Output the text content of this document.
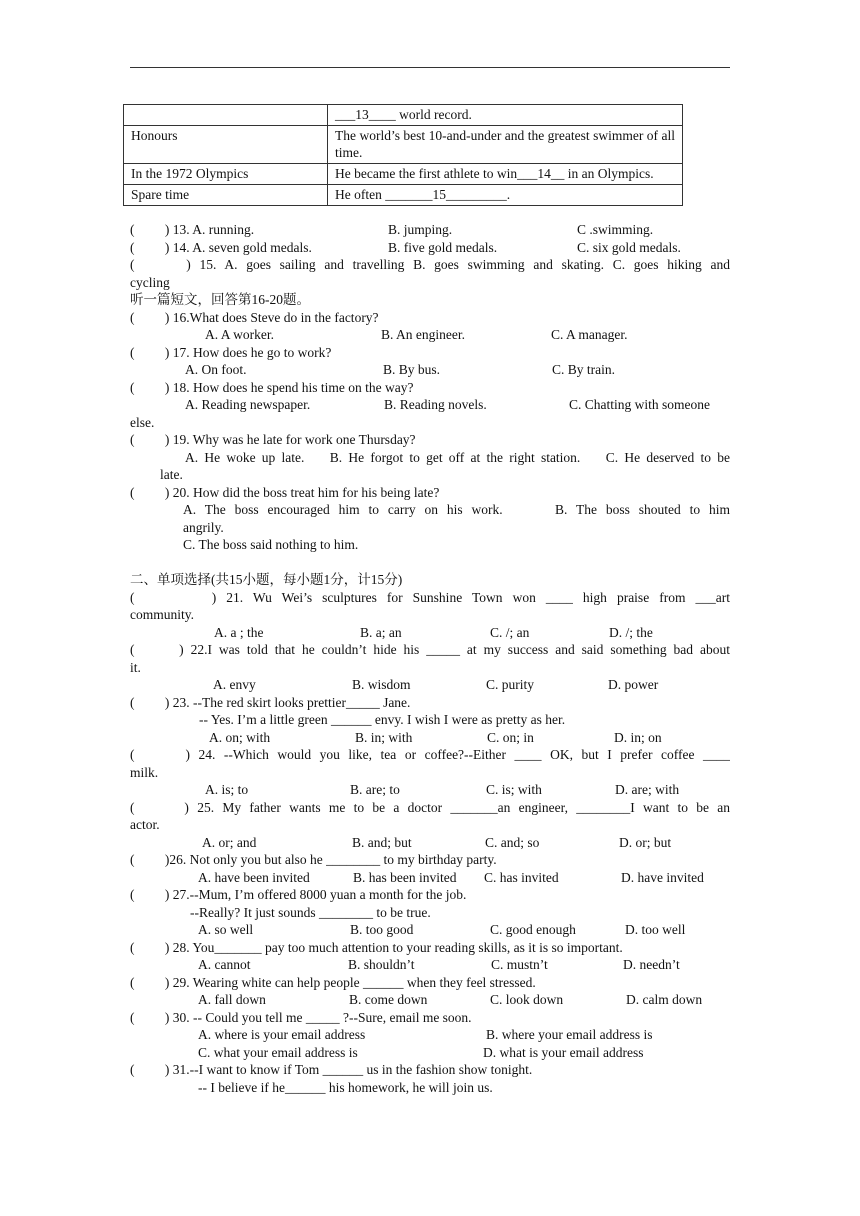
	___13____ world record.
Honours	The world’s best 10-and-under and the greatest swimmer of all time.
In the 1972 Olympics	He became the first athlete to win___14__ in an Olympics.
Spare time	He often _______15_________.
(　　 ) 13. A. running.	B. jumping.	C .swimming.
(　　 ) 14. A. seven gold medals.	B. five gold medals.	C. six gold medals.
(　　 ) 15. A. goes sailing and travelling B. goes swimming and skating. C. goes hiking and
cycling
听一篇短文，回答第16-20题。
(　　 ) 16.What does Steve do in the factory?
A. A worker.	B. An engineer.	C. A manager.
(　　 ) 17. How does he go to work?
A. On foot.	B. By bus.	C. By train.
(　　 ) 18. How does he spend his time on the way?
A. Reading newspaper.	B. Reading novels.	C. Chatting with someone
else.
(　　 ) 19. Why was he late for work one Thursday?
A. He woke up late.　 B. He forgot to get off at the right station.　 C. He deserved to be
late.
(　　 ) 20. How did the boss treat him for his being late?
A. The boss encouraged him to carry on his work.　　 B. The boss shouted to him
angrily.
C. The boss said nothing to him.
二、单项选择(共15小题，每小题1分，计15分)
(　　　 ) 21. Wu Wei’s sculptures for Sunshine Town won ____ high praise from ___art
community.
A. a ; the	B. a; an	C. /; an	D. /; the
(　　 ) 22.I was told that he couldn’t hide his _____ at my success and said something bad about
it.
A. envy	B. wisdom	C. purity	D. power
(　　 ) 23. --The red skirt looks prettier_____ Jane.
-- Yes. I’m a little green ______ envy. I wish I were as pretty as her.
A. on; with	B. in; with	C. on; in	D. in; on
(　　 ) 24. --Which would you like, tea or coffee?--Either ____ OK, but I prefer coffee ____
milk.
A. is; to	B. are; to	C. is; with	D. are; with
(　　 ) 25. My father wants me to be a doctor _______an engineer, ________I want to be an
actor.
A. or; and	B. and; but	C. and; so	D. or; but
(　　 )26. Not only you but also he ________ to my birthday party.
A. have been invited	B. has been invited C. has invited	D. have invited
(　　 ) 27.--Mum, I’m offered 8000 yuan a month for the job.
--Really? It just sounds ________ to be true.
A. so well	B. too good	C. good enough	D. too well
(　　 ) 28. You_______ pay too much attention to your reading skills, as it is so important.
A. cannot	B. shouldn’t	C. mustn’t	D. needn’t
(　　 ) 29. Wearing white can help people ______ when they feel stressed.
A. fall down	B. come down	C. look down	D. calm down
(　　 ) 30. -- Could you tell me _____ ?--Sure, email me soon.
A. where is your email address	B. where your email address is
C. what your email address is	D. what is your email address
(　　 ) 31.--I want to know if Tom ______ us in the fashion show tonight.
-- I believe if he______ his homework, he will join us.
